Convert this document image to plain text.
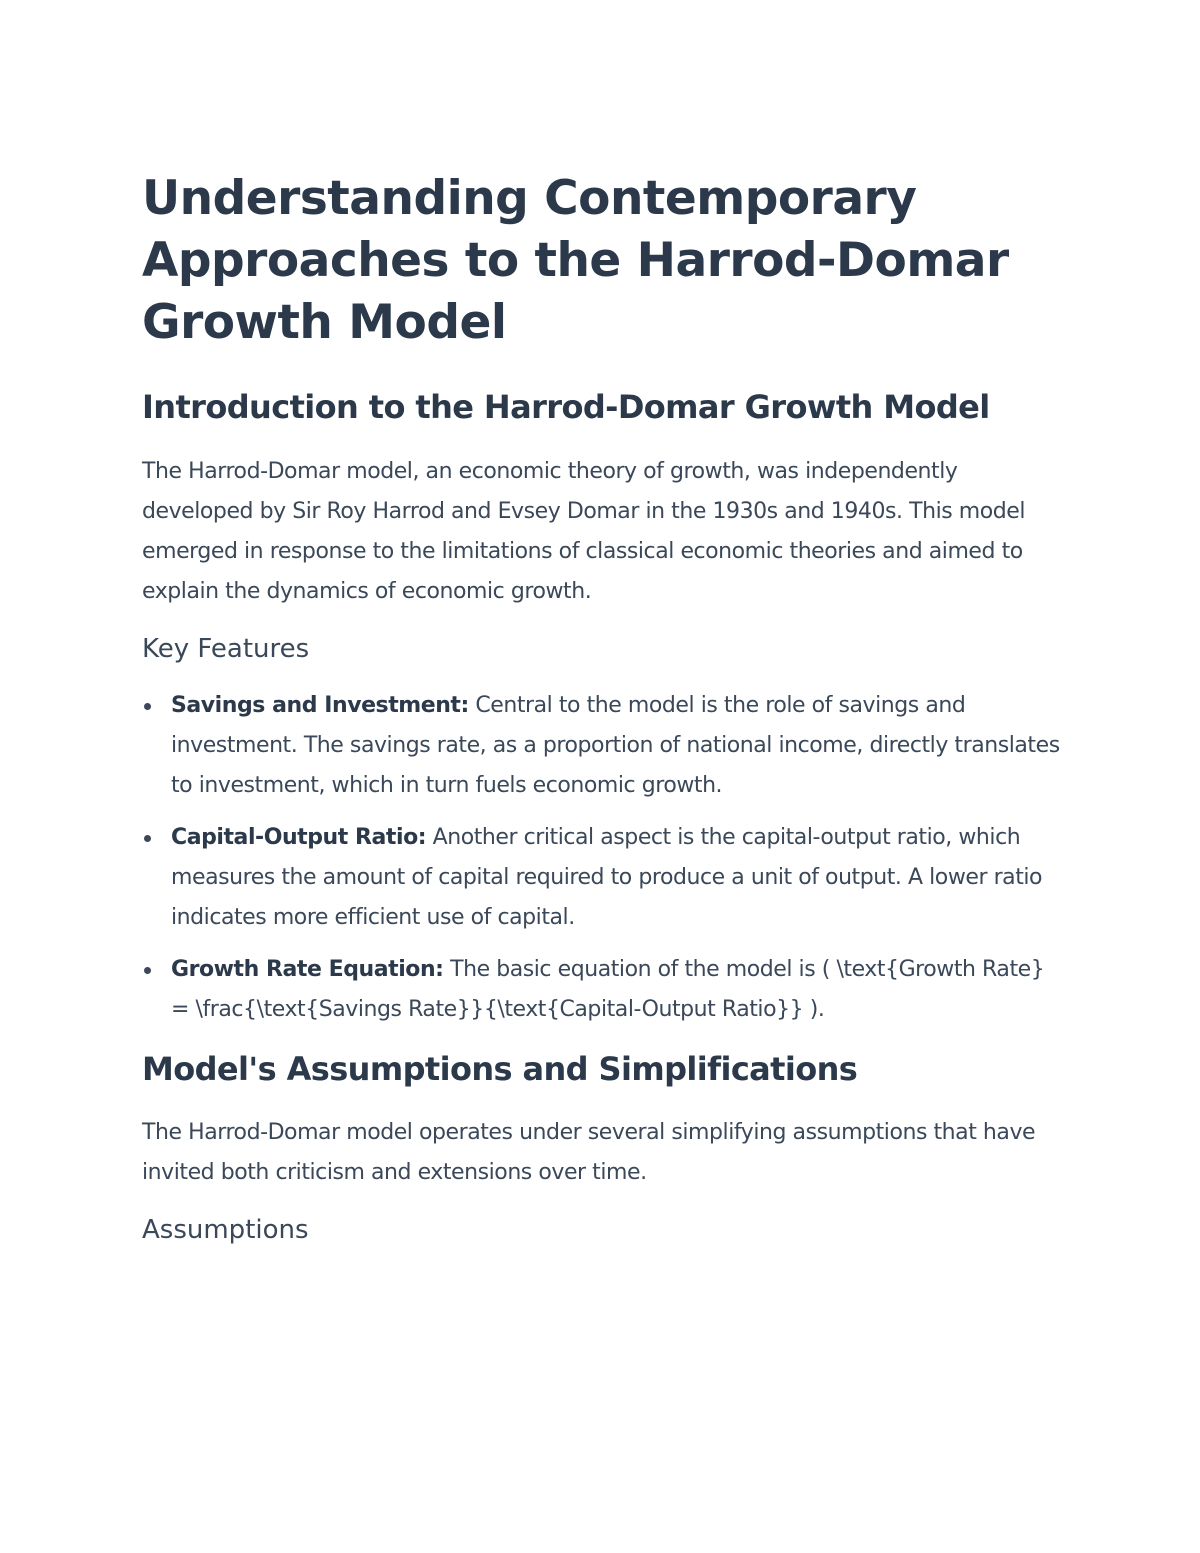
Understanding Contemporary Approaches to the Harrod-Domar Growth Model
Introduction to the Harrod-Domar Growth Model

The Harrod-Domar model, an economic theory of growth, was independently developed by Sir Roy Harrod and Evsey Domar in the 1930s and 1940s. This model emerged in response to the limitations of classical economic theories and aimed to explain the dynamics of economic growth.

Key Features
Savings and Investment: Central to the model is the role of savings and investment. The savings rate, as a proportion of national income, directly translates to investment, which in turn fuels economic growth.
Capital-Output Ratio: Another critical aspect is the capital-output ratio, which measures the amount of capital required to produce a unit of output. A lower ratio indicates more efficient use of capital.
Growth Rate Equation: The basic equation of the model is ( \text{Growth Rate} = \frac{\text{Savings Rate}}{\text{Capital-Output Ratio}} ).
Model's Assumptions and Simplifications

The Harrod-Domar model operates under several simplifying assumptions that have invited both criticism and extensions over time.

Assumptions
